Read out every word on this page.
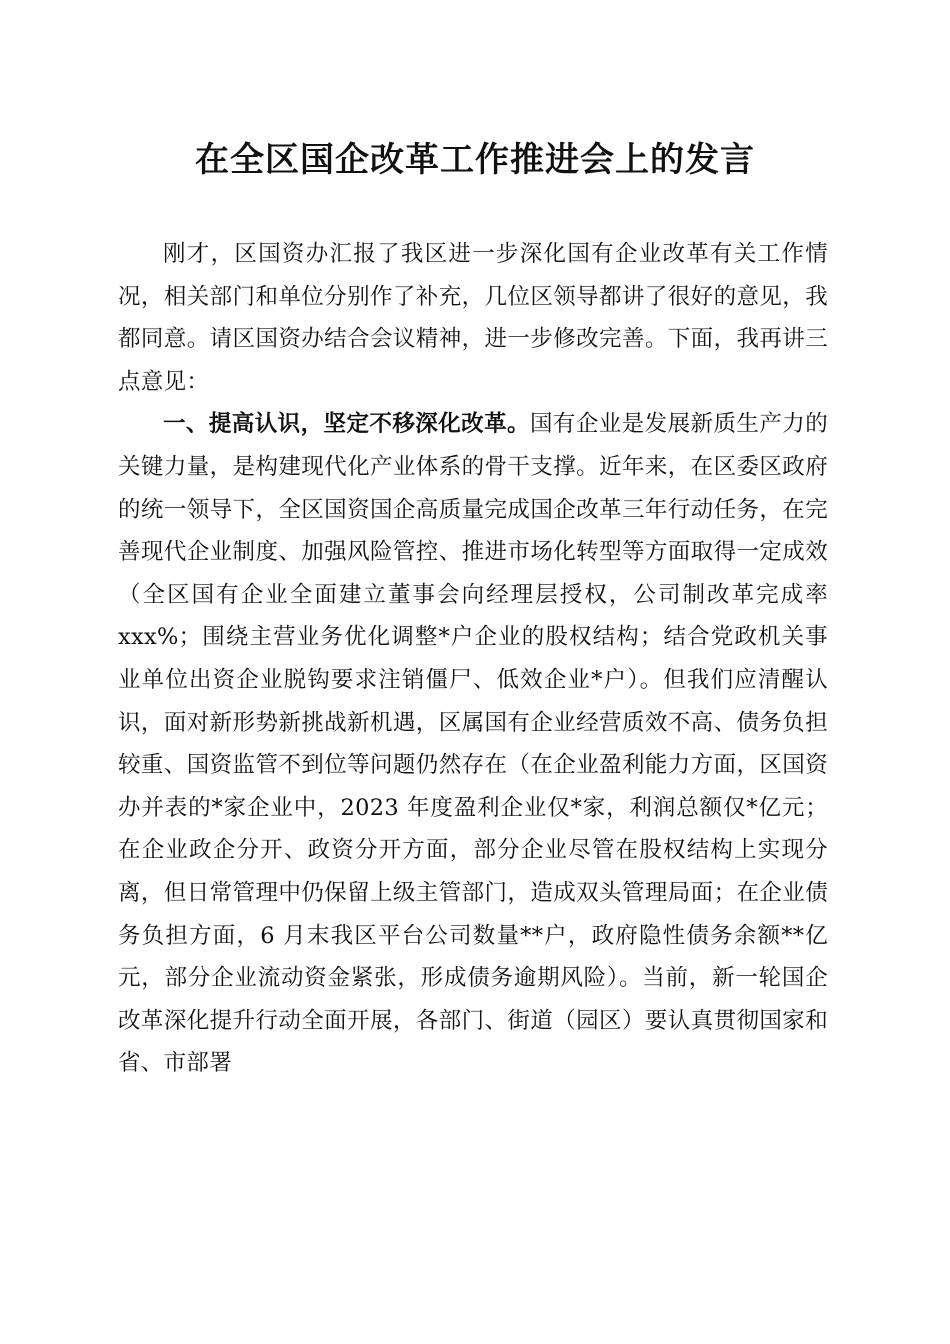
在全区国企改革工作推进会上的发言

刚才，区国资办汇报了我区进一步深化国有企业改革有关工作情况，相关部门和单位分别作了补充，几位区领导都讲了很好的意见，我都同意。请区国资办结合会议精神，进一步修改完善。下面，我再讲三点意见：

一、提高认识，坚定不移深化改革。国有企业是发展新质生产力的关键力量，是构建现代化产业体系的骨干支撑。近年来，在区委区政府的统一领导下，全区国资国企高质量完成国企改革三年行动任务，在完善现代企业制度、加强风险管控、推进市场化转型等方面取得一定成效（全区国有企业全面建立董事会向经理层授权，公司制改革完成率 xxx%；围绕主营业务优化调整*户企业的股权结构；结合党政机关事业单位出资企业脱钩要求注销僵尸、低效企业*户）。但我们应清醒认识，面对新形势新挑战新机遇，区属国有企业经营质效不高、债务负担较重、国资监管不到位等问题仍然存在（在企业盈利能力方面，区国资办并表的*家企业中，2023 年度盈利企业仅*家，利润总额仅*亿元；在企业政企分开、政资分开方面，部分企业尽管在股权结构上实现分离，但日常管理中仍保留上级主管部门，造成双头管理局面；在企业债务负担方面，6 月末我区平台公司数量**户，政府隐性债务余额**亿元，部分企业流动资金紧张，形成债务逾期风险）。当前，新一轮国企改革深化提升行动全面开展，各部门、街道（园区）要认真贯彻国家和省、市部署
